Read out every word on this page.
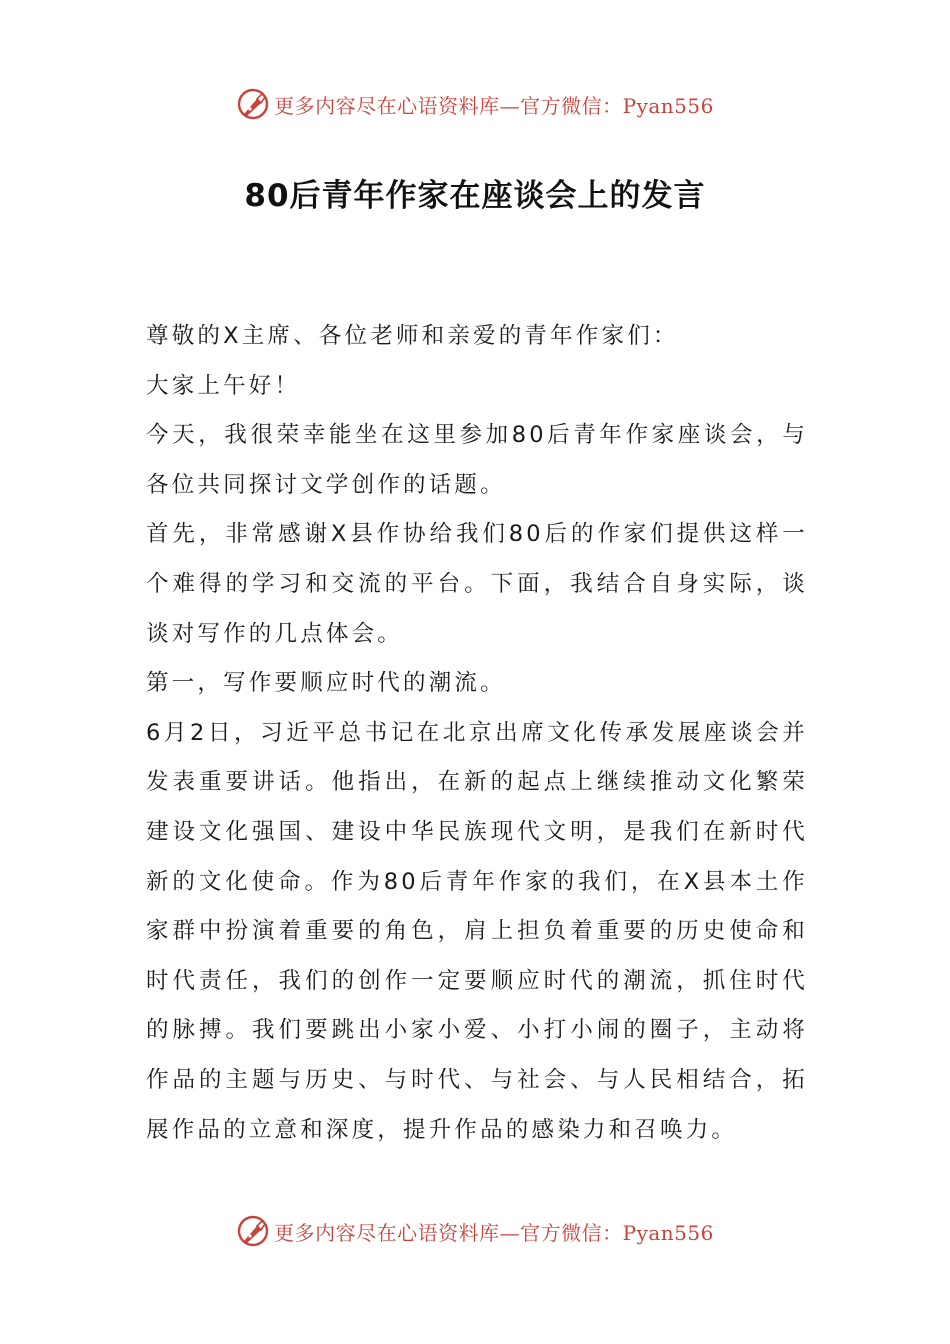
更多内容尽在心语资料库—官方微信：Pyan556
80后青年作家在座谈会上的发言

尊敬的X主席、各位老师和亲爱的青年作家们：

大家上午好！

今天，我很荣幸能坐在这里参加80后青年作家座谈会，与各位共同探讨文学创作的话题。

首先，非常感谢X县作协给我们80后的作家们提供这样一个难得的学习和交流的平台。下面，我结合自身实际，谈谈对写作的几点体会。

第一，写作要顺应时代的潮流。

6月2日，习近平总书记在北京出席文化传承发展座谈会并发表重要讲话。他指出，在新的起点上继续推动文化繁荣建设文化强国、建设中华民族现代文明，是我们在新时代新的文化使命。作为80后青年作家的我们，在X县本土作家群中扮演着重要的角色，肩上担负着重要的历史使命和时代责任，我们的创作一定要顺应时代的潮流，抓住时代的脉搏。我们要跳出小家小爱、小打小闹的圈子，主动将作品的主题与历史、与时代、与社会、与人民相结合，拓展作品的立意和深度，提升作品的感染力和召唤力。

更多内容尽在心语资料库—官方微信：Pyan556
